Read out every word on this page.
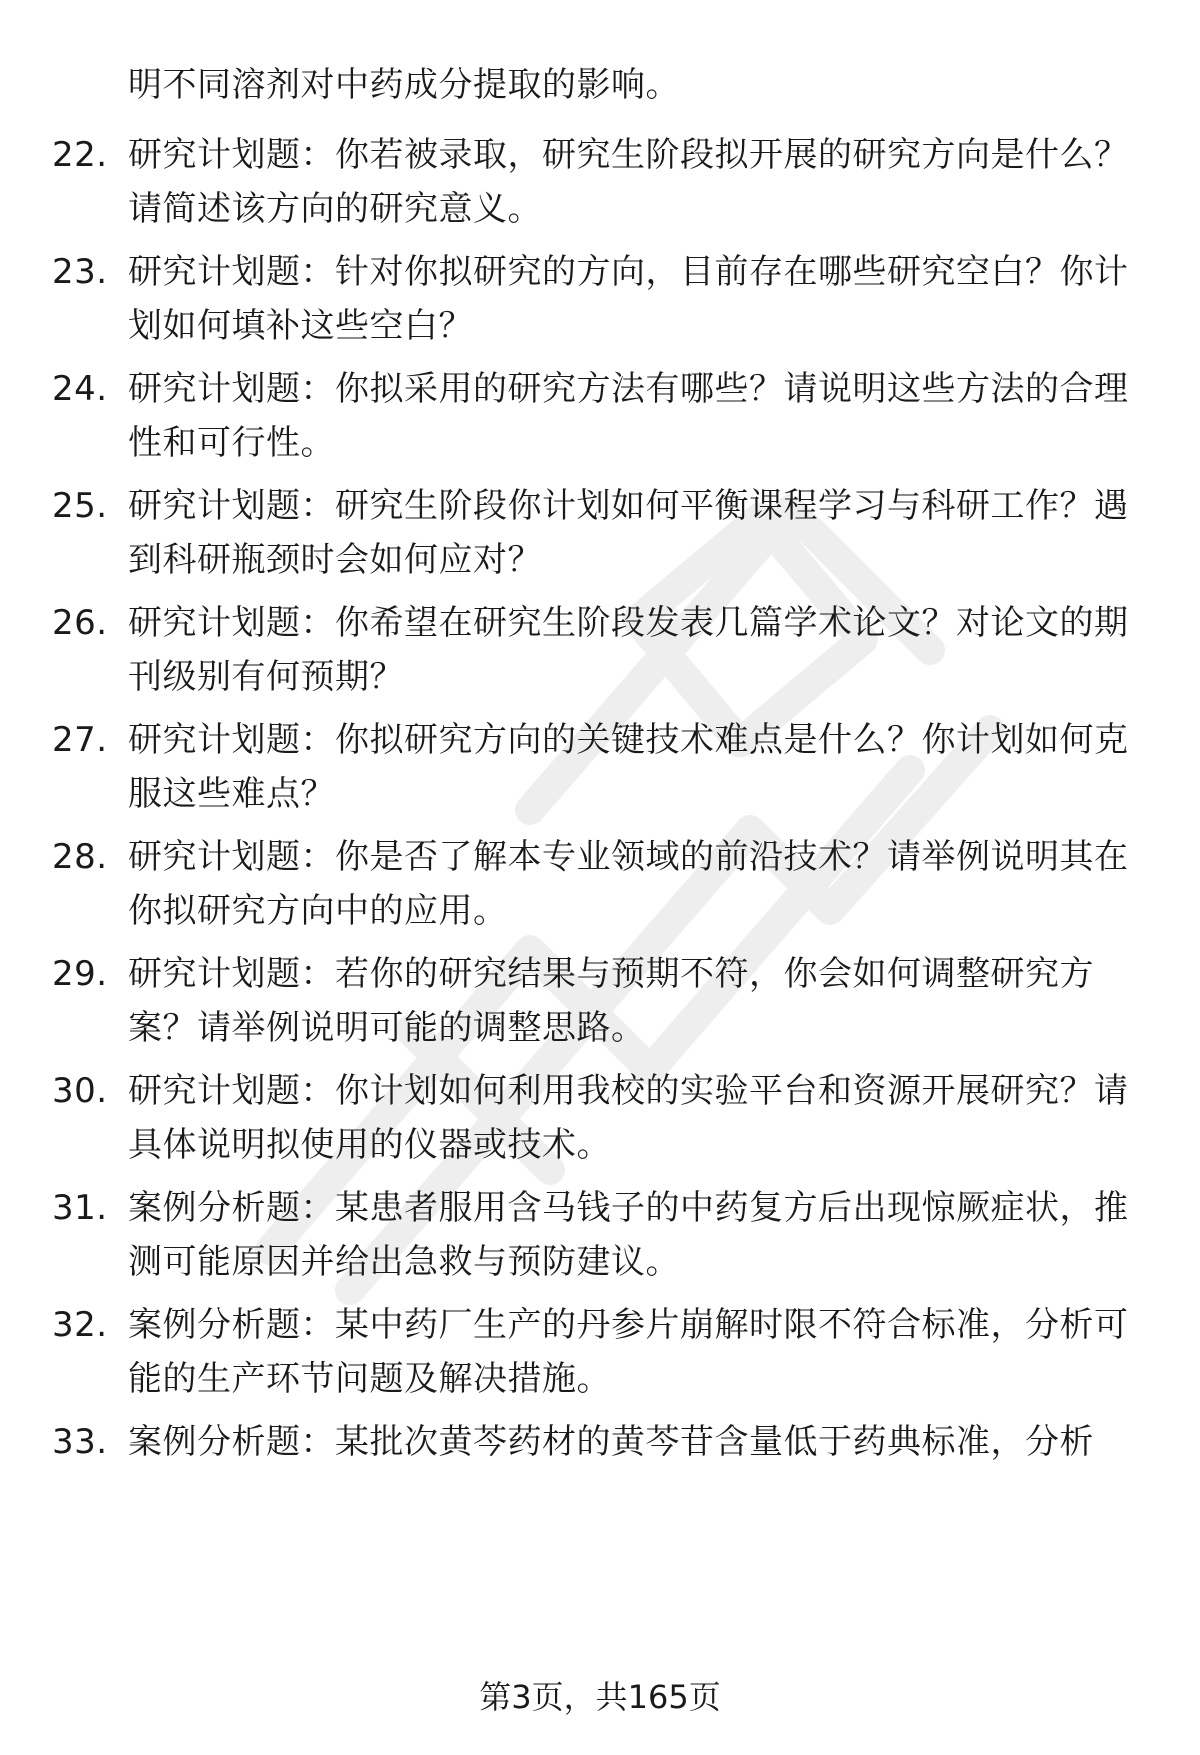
明不同溶剂对中药成分提取的影响。
22. 研究计划题：你若被录取，研究生阶段拟开展的研究方向是什么？请简述该方向的研究意义。
23. 研究计划题：针对你拟研究的方向，目前存在哪些研究空白？你计划如何填补这些空白？
24. 研究计划题：你拟采用的研究方法有哪些？请说明这些方法的合理性和可行性。
25. 研究计划题：研究生阶段你计划如何平衡课程学习与科研工作？遇到科研瓶颈时会如何应对？
26. 研究计划题：你希望在研究生阶段发表几篇学术论文？对论文的期刊级别有何预期？
27. 研究计划题：你拟研究方向的关键技术难点是什么？你计划如何克服这些难点？
28. 研究计划题：你是否了解本专业领域的前沿技术？请举例说明其在你拟研究方向中的应用。
29. 研究计划题：若你的研究结果与预期不符，你会如何调整研究方案？请举例说明可能的调整思路。
30. 研究计划题：你计划如何利用我校的实验平台和资源开展研究？请具体说明拟使用的仪器或技术。
31. 案例分析题：某患者服用含马钱子的中药复方后出现惊厥症状，推测可能原因并给出急救与预防建议。
32. 案例分析题：某中药厂生产的丹参片崩解时限不符合标准，分析可能的生产环节问题及解决措施。
33. 案例分析题：某批次黄芩药材的黄芩苷含量低于药典标准，分析
第3页，共165页
